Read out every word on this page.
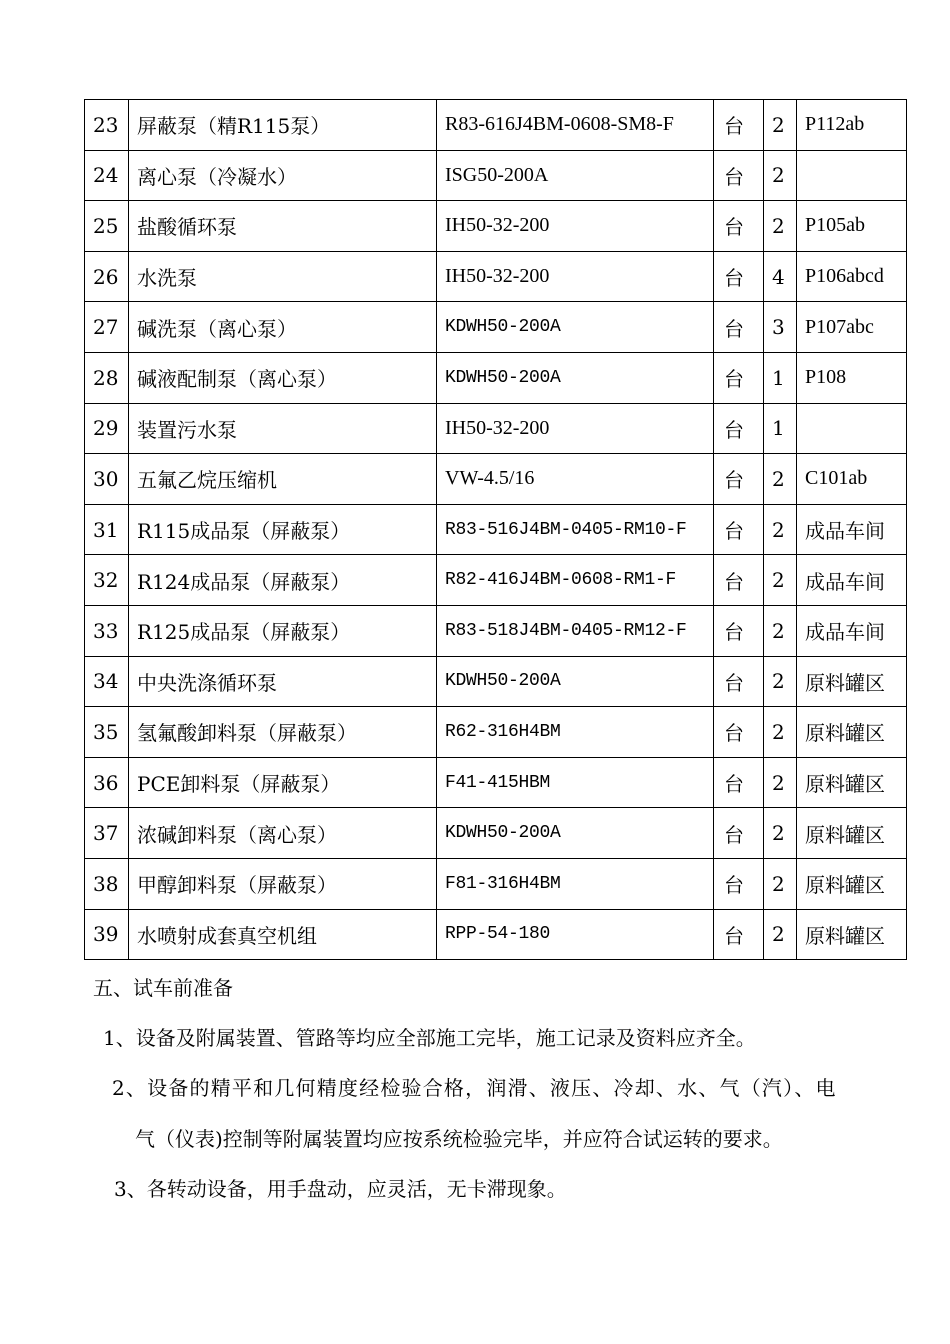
23	屏蔽泵（精R115泵）	R83-616J4BM-0608-SM8-F	台	2	P112ab
24	离心泵（冷凝水）	ISG50-200A	台	2	
25	盐酸循环泵	IH50-32-200	台	2	P105ab
26	水洗泵	IH50-32-200	台	4	P106abcd
27	碱洗泵（离心泵）	KDWH50-200A	台	3	P107abc
28	碱液配制泵（离心泵）	KDWH50-200A	台	1	P108
29	装置污水泵	IH50-32-200	台	1	
30	五氟乙烷压缩机	VW-4.5/16	台	2	C101ab
31	R115成品泵（屏蔽泵）	R83-516J4BM-0405-RM10-F	台	2	成品车间
32	R124成品泵（屏蔽泵）	R82-416J4BM-0608-RM1-F	台	2	成品车间
33	R125成品泵（屏蔽泵）	R83-518J4BM-0405-RM12-F	台	2	成品车间
34	中央洗涤循环泵	KDWH50-200A	台	2	原料罐区
35	氢氟酸卸料泵（屏蔽泵）	R62-316H4BM	台	2	原料罐区
36	PCE卸料泵（屏蔽泵）	F41-415HBM	台	2	原料罐区
37	浓碱卸料泵（离心泵）	KDWH50-200A	台	2	原料罐区
38	甲醇卸料泵（屏蔽泵）	F81-316H4BM	台	2	原料罐区
39	水喷射成套真空机组	RPP-54-180	台	2	原料罐区
五、试车前准备
1、设备及附属装置、管路等均应全部施工完毕，施工记录及资料应齐全。
2、设备的精平和几何精度经检验合格，润滑、液压、冷却、水、气（汽）、电
气（仪表)控制等附属装置均应按系统检验完毕，并应符合试运转的要求。
3、各转动设备，用手盘动，应灵活，无卡滞现象。
